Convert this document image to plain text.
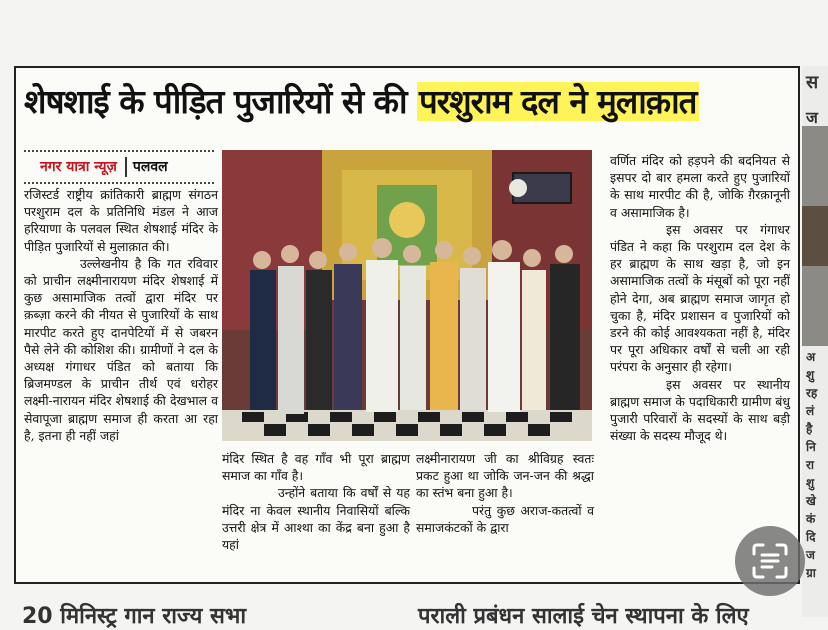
शेषशाई के पीड़ित पुजारियों से की परशुराम दल ने मुलाक़ात
नगर यात्रा न्यूज़ पलवल

रजिस्टर्ड राष्ट्रीय क्रांतिकारी ब्राह्मण संगठन परशुराम दल के प्रतिनिधि मंडल ने आज हरियाणा के पलवल स्थित शेषशाई मंदिर के पीड़ित पुजारियों से मुलाक़ात की।

उल्लेखनीय है कि गत रविवार को प्राचीन लक्ष्मीनारायण मंदिर शेषशाई में कुछ असामाजिक तत्वों द्वारा मंदिर पर क़ब्ज़ा करने की नीयत से पुजारियों के साथ मारपीट करते हुए दानपेटियों में से जबरन पैसे लेने की कोशिश की। ग्रामीणों ने दल के अध्यक्ष गंगाधर पंडित को बताया कि ब्रिजमण्डल के प्राचीन तीर्थ एवं धरोहर लक्ष्मी-नारायन मंदिर शेषशाई की देखभाल व सेवापूजा ब्राह्मण समाज ही करता आ रहा है, इतना ही नहीं जहां

मंदिर स्थित है वह गाँव भी पूरा ब्राह्मण समाज का गाँव है।

उन्होंने बताया कि वर्षों से यह मंदिर ना केवल स्थानीय निवासियों बल्कि उत्तरी क्षेत्र में आश्था का केंद्र बना हुआ है यहां

लक्ष्मीनारायण जी का श्रीविग्रह स्वतः प्रकट हुआ था जोकि जन-जन की श्रद्धा का स्तंभ बना हुआ है।

परंतु कुछ अराज-कतत्वों व समाजकंटकों के द्वारा

वर्णित मंदिर को हड़पने की बदनियत से इसपर दो बार हमला करते हुए पुजारियों के साथ मारपीट की है, जोकि ग़ैरक़ानूनी व असामाजिक है।

इस अवसर पर गंगाधर पंडित ने कहा कि परशुराम दल देश के हर ब्राह्मण के साथ खड़ा है, जो इन असामाजिक तत्वों के मंसूबों को पूरा नहीं होने देगा, अब ब्राह्मण समाज जागृत हो चुका है, मंदिर प्रशासन व पुजारियों को डरने की कोई आवश्यकता नहीं है, मंदिर पर पूरा अधिकार वर्षों से चली आ रही परंपरा के अनुसार ही रहेगा।

इस अवसर पर स्थानीय ब्राह्मण समाज के पदाधिकारी ग्रामीण बंधु पुजारी परिवारों के सदस्यों के साथ बड़ी संख्या के सदस्य मौजूद थे।

20 मिनिस्ट्र गान राज्य सभा	पराली प्रबंधन सालाई चेन स्थापना के लिए
स
ज
अ
शु
रह
लं
है
नि
रा
शु
खे
कं
दि
ज
ग्रा
